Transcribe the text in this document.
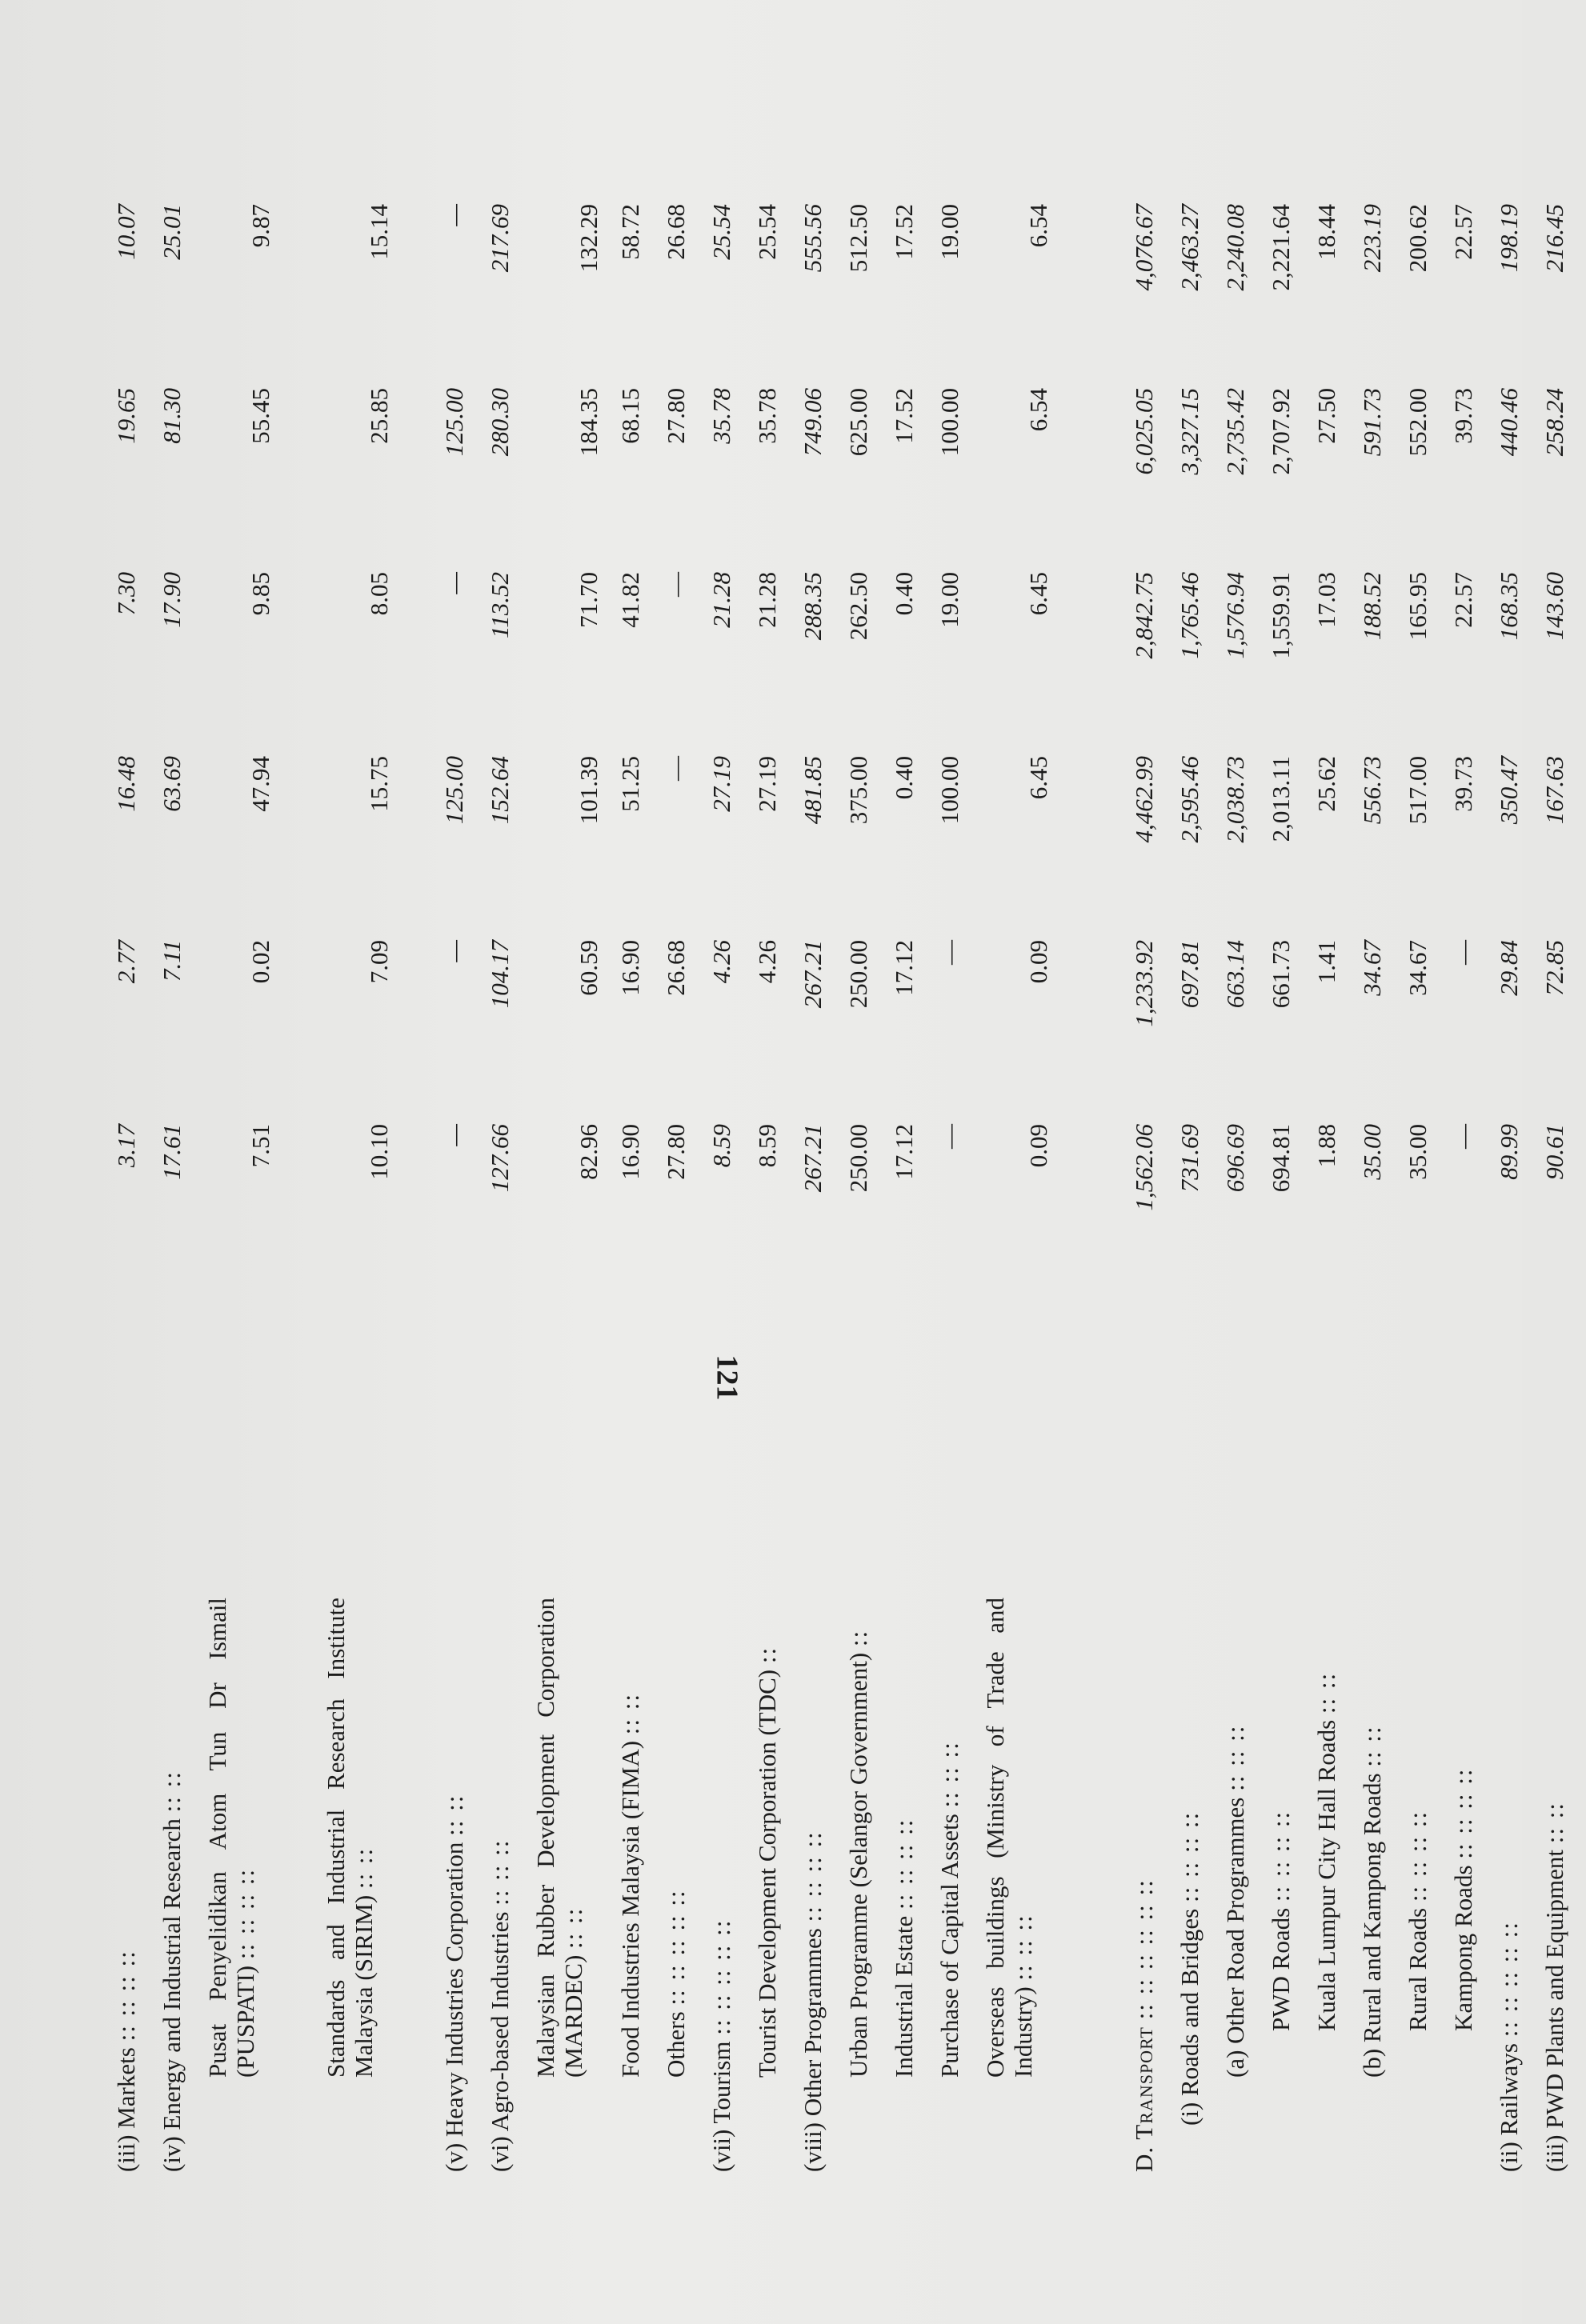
(iii) Markets :: :: :: ::
3.17
2.77
16.48
7.30
19.65
10.07
(iv) Energy and Industrial Research :: ::
17.61
7.11
63.69
17.90
81.30
25.01
Pusat Penyelidikan Atom Tun Dr Ismail (PUSPATI) :: :: :: ::
7.51
0.02
47.94
9.85
55.45
9.87
Standards and Industrial Research Institute Malaysia (SIRIM) :: ::
10.10
7.09
15.75
8.05
25.85
15.14
(v) Heavy Industries Corporation :: ::
—
—
125.00
—
125.00
—
(vi) Agro-based Industries :: :: ::
127.66
104.17
152.64
113.52
280.30
217.69
Malaysian Rubber Development Corporation (MARDEC) :: ::
82.96
60.59
101.39
71.70
184.35
132.29
Food Industries Malaysia (FIMA) :: ::
16.90
16.90
51.25
41.82
68.15
58.72
Others :: :: :: :: ::
27.80
26.68
—
—
27.80
26.68
(vii) Tourism :: :: :: :: ::
8.59
4.26
27.19
21.28
35.78
25.54
Tourist Development Corporation (TDC) ::
8.59
4.26
27.19
21.28
35.78
25.54
(viii) Other Programmes :: :: :: ::
267.21
267.21
481.85
288.35
749.06
555.56
Urban Programme (Selangor Government) ::
250.00
250.00
375.00
262.50
625.00
512.50
Industrial Estate :: :: :: ::
17.12
17.12
0.40
0.40
17.52
17.52
Purchase of Capital Assets :: :: ::
—
—
100.00
19.00
100.00
19.00
Overseas buildings (Ministry of Trade and Industry) :: :: ::
0.09
0.09
6.45
6.45
6.54
6.54
D. Transport :: :: :: :: :: ::
1,562.06
1,233.92
4,462.99
2,842.75
6,025.05
4,076.67
(i) Roads and Bridges :: :: :: ::
731.69
697.81
2,595.46
1,765.46
3,327.15
2,463.27
(a) Other Road Programmes :: :: ::
696.69
663.14
2,038.73
1,576.94
2,735.42
2,240.08
PWD Roads :: :: :: ::
694.81
661.73
2,013.11
1,559.91
2,707.92
2,221.64
Kuala Lumpur City Hall Roads :: ::
1.88
1.41
25.62
17.03
27.50
18.44
(b) Rural and Kampong Roads :: ::
35.00
34.67
556.73
188.52
591.73
223.19
Rural Roads :: :: :: ::
35.00
34.67
517.00
165.95
552.00
200.62
Kampong Roads :: :: :: ::
—
—
39.73
22.57
39.73
22.57
(ii) Railways :: :: :: :: ::
89.99
29.84
350.47
168.35
440.46
198.19
(iii) PWD Plants and Equipment :: ::
90.61
72.85
167.63
143.60
258.24
216.45
121
